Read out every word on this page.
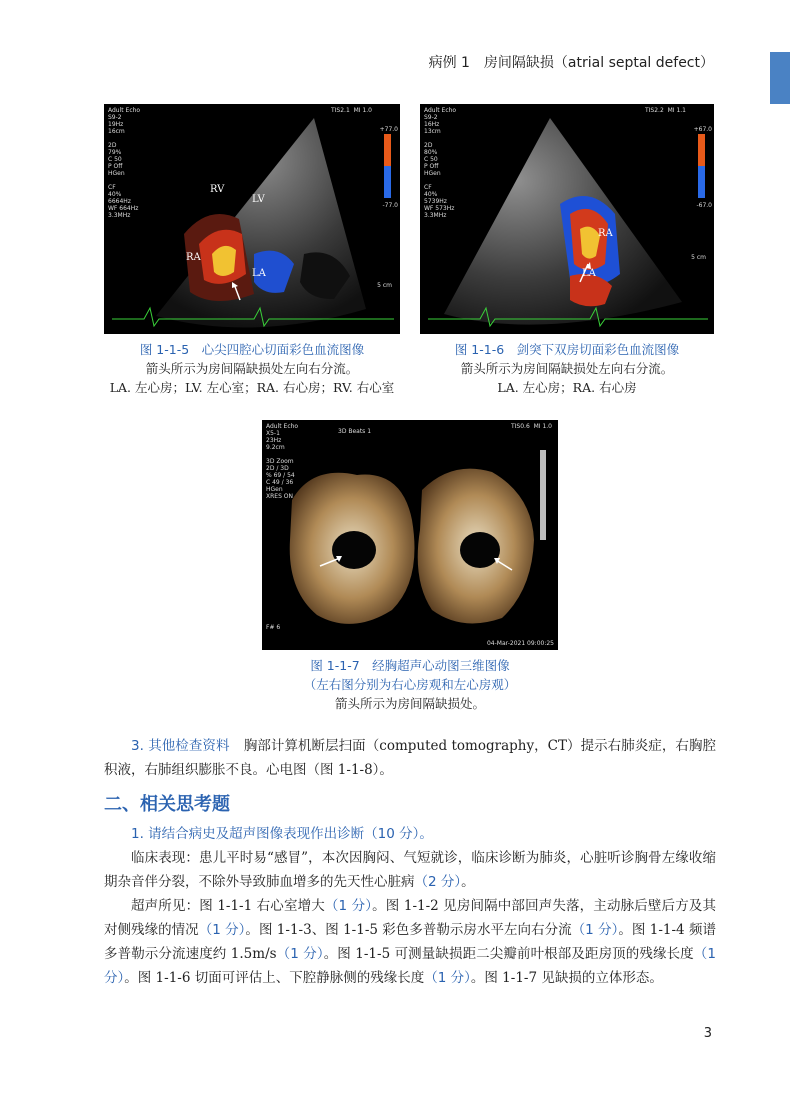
病例 1　房间隔缺损（atrial septal defect）
Adult Echo
S9-2
19Hz
16cm

2D
79%
C 50
P Off
HGen

CF
40%
6664Hz
WF 664Hz
3.3MHz
TIS2.1  MI 1.0
+77.0
-77.0
5 cm
RV
LV
RA
LA
图 1-1-5　心尖四腔心切面彩色血流图像
箭头所示为房间隔缺损处左向右分流。
LA. 左心房；LV. 左心室；RA. 右心房；RV. 右心室
Adult Echo
S9-2
16Hz
13cm

2D
80%
C 50
P Off
HGen

CF
40%
5739Hz
WF 573Hz
3.3MHz
TIS2.2  MI 1.1
+67.0
-67.0
5 cm
RA
LA
图 1-1-6　剑突下双房切面彩色血流图像
箭头所示为房间隔缺损处左向右分流。
LA. 左心房；RA. 右心房
Adult Echo
X5-1
23Hz
9.2cm

3D Zoom
2D / 3D
% 69 / 54
C 49 / 36
HGen
XRES ON
3D Beats 1
TIS0.6  MI 1.0
F# 6
04-Mar-2021 09:00:25
图 1-1-7　经胸超声心动图三维图像
（左右图分别为右心房观和左心房观）
箭头所示为房间隔缺损处。
3. 其他检查资料 胸部计算机断层扫面（computed tomography，CT）提示右肺炎症，右胸腔积液，右肺组织膨胀不良。心电图（图 1-1-8）。
二、相关思考题
1. 请结合病史及超声图像表现作出诊断（10 分）。
临床表现：患儿平时易“感冒”，本次因胸闷、气短就诊，临床诊断为肺炎，心脏听诊胸骨左缘收缩期杂音伴分裂，不除外导致肺血增多的先天性心脏病（2 分）。
超声所见：图 1-1-1 右心室增大（1 分）。图 1-1-2 见房间隔中部回声失落，主动脉后壁后方及其对侧残缘的情况（1 分）。图 1-1-3、图 1-1-5 彩色多普勒示房水平左向右分流（1 分）。图 1-1-4 频谱多普勒示分流速度约 1.5m/s（1 分）。图 1-1-5 可测量缺损距二尖瓣前叶根部及距房顶的残缘长度（1 分）。图 1-1-6 切面可评估上、下腔静脉侧的残缘长度（1 分）。图 1-1-7 见缺损的立体形态。
3
